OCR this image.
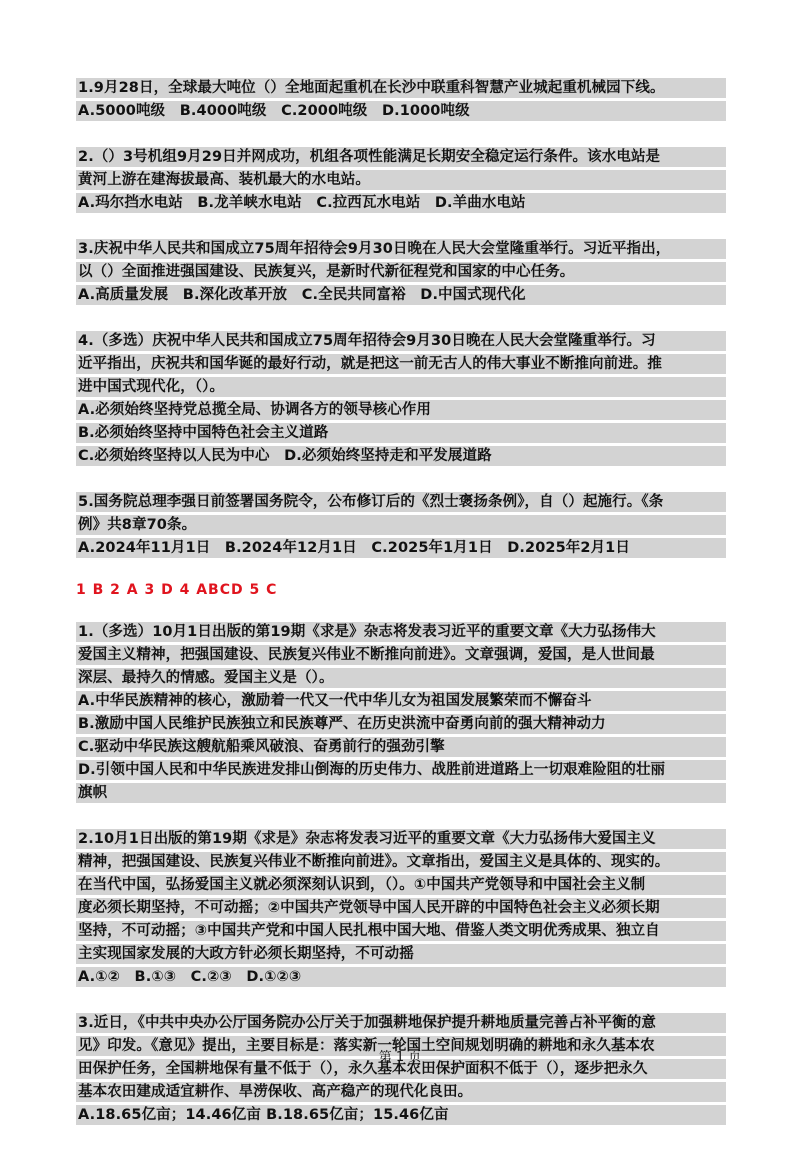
1.9月28日，全球最大吨位（）全地面起重机在长沙中联重科智慧产业城起重机械园下线。
A.5000吨级　B.4000吨级　C.2000吨级　D.1000吨级
2.（）3号机组9月29日并网成功，机组各项性能满足长期安全稳定运行条件。该水电站是
黄河上游在建海拔最高、装机最大的水电站。
A.玛尔挡水电站　B.龙羊峡水电站　C.拉西瓦水电站　D.羊曲水电站
3.庆祝中华人民共和国成立75周年招待会9月30日晚在人民大会堂隆重举行。习近平指出，
以（）全面推进强国建设、民族复兴，是新时代新征程党和国家的中心任务。
A.高质量发展　B.深化改革开放　C.全民共同富裕　D.中国式现代化
4.（多选）庆祝中华人民共和国成立75周年招待会9月30日晚在人民大会堂隆重举行。习
近平指出，庆祝共和国华诞的最好行动，就是把这一前无古人的伟大事业不断推向前进。推
进中国式现代化，（）。
A.必须始终坚持党总揽全局、协调各方的领导核心作用
B.必须始终坚持中国特色社会主义道路
C.必须始终坚持以人民为中心　D.必须始终坚持走和平发展道路
5.国务院总理李强日前签署国务院令，公布修订后的《烈士褒扬条例》，自（）起施行。《条
例》共8章70条。
A.2024年11月1日　B.2024年12月1日　C.2025年1月1日　D.2025年2月1日
1 B 2 A 3 D 4 ABCD 5 C
1.（多选）10月1日出版的第19期《求是》杂志将发表习近平的重要文章《大力弘扬伟大
爱国主义精神，把强国建设、民族复兴伟业不断推向前进》。文章强调，爱国，是人世间最
深层、最持久的情感。爱国主义是（）。
A.中华民族精神的核心，激励着一代又一代中华儿女为祖国发展繁荣而不懈奋斗
B.激励中国人民维护民族独立和民族尊严、在历史洪流中奋勇向前的强大精神动力
C.驱动中华民族这艘航船乘风破浪、奋勇前行的强劲引擎
D.引领中国人民和中华民族进发排山倒海的历史伟力、战胜前进道路上一切艰难险阻的壮丽
旗帜
2.10月1日出版的第19期《求是》杂志将发表习近平的重要文章《大力弘扬伟大爱国主义
精神，把强国建设、民族复兴伟业不断推向前进》。文章指出，爱国主义是具体的、现实的。
在当代中国，弘扬爱国主义就必须深刻认识到，（）。①中国共产党领导和中国社会主义制
度必须长期坚持，不可动摇；②中国共产党领导中国人民开辟的中国特色社会主义必须长期
坚持，不可动摇；③中国共产党和中国人民扎根中国大地、借鉴人类文明优秀成果、独立自
主实现国家发展的大政方针必须长期坚持，不可动摇
A.①②　B.①③　C.②③　D.①②③
3.近日，《中共中央办公厅国务院办公厅关于加强耕地保护提升耕地质量完善占补平衡的意
见》印发。《意见》提出，主要目标是：落实新一轮国土空间规划明确的耕地和永久基本农
田保护任务，全国耕地保有量不低于（），永久基本农田保护面积不低于（），逐步把永久
基本农田建成适宜耕作、旱涝保收、高产稳产的现代化良田。
A.18.65亿亩；14.46亿亩 B.18.65亿亩；15.46亿亩
第 1 页
